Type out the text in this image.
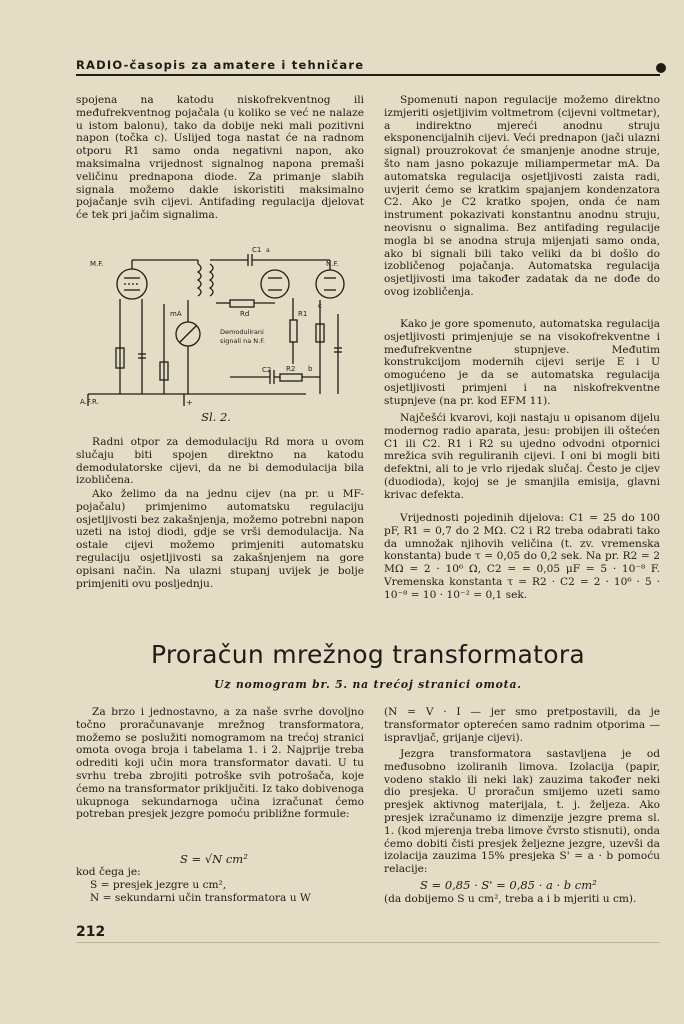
RADIO-časopis za amatere i tehničare

spojena na katodu niskofrekventnog ili međufrekventnog pojačala (u koliko se već ne nalaze u istom balonu), tako da dobije neki mali pozitivni napon (točka c). Uslijed toga nastat će na radnom otporu R1 samo onda negativni napon, ako maksimalna vrijednost signalnog napona premaši veličinu prednapona diode. Za primanje slabih signala možemo dakle iskoristiti maksimalno pojačanje svih cijevi. Antifading regulacija djelovat će tek pri jačim signalima.

M.F.	N.F.
C1 a
Rd
mA	R1
c
C2 R2 b
Demodulirani
signali na N.F.
A.F.R.	+
Sl. 2.

Radni otpor za demodulaciju Rd mora u ovom slučaju biti spojen direktno na katodu demodulatorske cijevi, da ne bi demodulacija bila izobličena.

Ako želimo da na jednu cijev (na pr. u MF-pojačalu) primjenimo automatsku regulaciju osjetljivosti bez zakašnjenja, možemo potrebni napon uzeti na istoj diodi, gdje se vrši demodulacija. Na ostale cijevi možemo primjeniti automatsku regulaciju osjetljivosti sa zakašnjenjem na gore opisani način. Na ulazni stupanj uvijek je bolje primjeniti ovu posljednju.

Spomenuti napon regulacije možemo direktno izmjeriti osjetljivim voltmetrom (cijevni voltmetar), a indirektno mjereći anodnu struju eksponencijalnih cijevi. Veći prednapon (jači ulazni signal) prouzrokovat će smanjenje anodne struje, što nam jasno pokazuje miliampermetar mA. Da automatska regulacija osjetljivosti zaista radi, uvjerit ćemo se kratkim spajanjem kondenzatora C2. Ako je C2 kratko spojen, onda će nam instrument pokazivati konstantnu anodnu struju, neovisnu o signalima. Bez antifading regulacije mogla bi se anodna struja mijenjati samo onda, ako bi signali bili tako veliki da bi došlo do izobličenog pojačanja. Automatska regulacija osjetljivosti ima također zadatak da ne dođe do ovog izobličenja.

Kako je gore spomenuto, automatska regulacija osjetljivosti primjenjuje se na visokofrekventne i međufrekventne stupnjeve. Međutim konstrukcijom modernih cijevi serije E i U omogućeno je da se automatska regulacija osjetljivosti primjeni i na niskofrekventne stupnjeve (na pr. kod EFM 11).

Najčešći kvarovi, koji nastaju u opisanom dijelu modernog radio aparata, jesu: probijen ili oštećen C1 ili C2. R1 i R2 su ujedno odvodni otpornici mrežica svih reguliranih cijevi. I oni bi mogli biti defektni, ali to je vrlo rijedak slučaj. Često je cijev (duodioda), kojoj se je smanjila emisija, glavni krivac defekta.

Vrijednosti pojedinih dijelova: C1 = 25 do 100 pF, R1 = 0,7 do 2 MΩ. C2 i R2 treba odabrati tako da umnožak njihovih veličina (t. zv. vremenska konstanta) bude τ = 0,05 do 0,2 sek. Na pr. R2 = 2 MΩ = 2 · 10⁶ Ω, C2 = = 0,05 μF = 5 · 10⁻⁸ F. Vremenska konstanta τ = R2 · C2 = 2 · 10⁶ · 5 · 10⁻⁸ = 10 · 10⁻² = 0,1 sek.

Proračun mrežnog transformatora
Uz nomogram br. 5. na trećoj stranici omota.

Za brzo i jednostavno, a za naše svrhe dovoljno točno proračunavanje mrežnog transformatora, možemo se poslužiti nomogramom na trećoj stranici omota ovoga broja i tabelama 1. i 2. Najprije treba odrediti koji učin mora transformator davati. U tu svrhu treba zbrojiti potroške svih potrošača, koje ćemo na transformator priključiti. Iz tako dobivenoga ukupnoga sekundarnoga učina izračunat ćemo potreban presjek jezgre pomoću približne formule:

S = √N cm²
kod čega je:
S = presjek jezgre u cm²,
N = sekundarni učin transformatora u W

(N = V · I — jer smo pretpostavili, da je transformator opterećen samo radnim otporima — ispravljač, grijanje cijevi).

Jezgra transformatora sastavljena je od međusobno izoliranih limova. Izolacija (papir, vodeno staklo ili neki lak) zauzima također neki dio presjeka. U proračun smijemo uzeti samo presjek aktivnog materijala, t. j. željeza. Ako presjek izračunamo iz dimenzije jezgre prema sl. 1. (kod mjerenja treba limove čvrsto stisnuti), onda ćemo dobiti čisti presjek željezne jezgre, uzevši da izolacija zauzima 15% presjeka S' = a · b pomoću relacije:

S = 0,85 · S' = 0,85 · a · b cm²
(da dobijemo S u cm², treba a i b mjeriti u cm).
212
